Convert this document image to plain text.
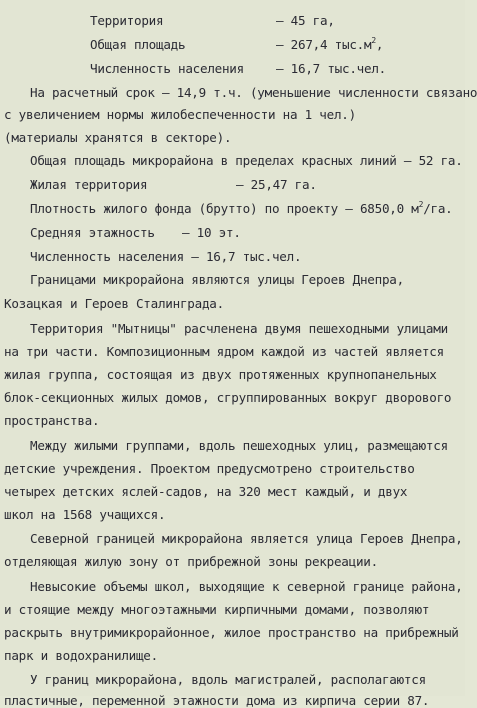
Территория	– 45 га,
Общая площадь	– 267,4 $тыс.м^2$,
Численность населения	– 16,7 тыс.чел.
На расчетный срок – 14,9 т.ч. (уменьшение численности связано
с увеличением нормы жилобеспеченности на 1 чел.)
(материалы хранятся в секторе).
Общая площадь микрорайона в пределах красных линий – 52 га.
Жилая территория	– 25,47 га.
Плотность жилого фонда (брутто) по проекту – 6850,0 $м^2/га$.
Средняя этажность – 10 эт.
Численность населения – 16,7 тыс.чел.
Границами микрорайона являются улицы Героев Днепра,
Козацкая и Героев Сталинграда.
Территория "Мытницы" расчленена двумя пешеходными улицами
на три части. Композиционным ядром каждой из частей является
жилая группа, состоящая из двух протяженных крупнопанельных
блок-секционных жилых домов, сгруппированных вокруг дворового
пространства.
Между жилыми группами, вдоль пешеходных улиц, размещаются
детские учреждения. Проектом предусмотрено строительство
четырех детских яслей-садов, на 320 мест каждый, и двух
школ на 1568 учащихся.
Северной границей микрорайона является улица Героев Днепра,
отделяющая жилую зону от прибрежной зоны рекреации.
Невысокие объемы школ, выходящие к северной границе района,
и стоящие между многоэтажными кирпичными домами, позволяют
раскрыть внутримикрорайонное, жилое пространство на прибрежный
парк и водохранилище.
У границ микрорайона, вдоль магистралей, располагаются
пластичные, переменной этажности дома из кирпича серии 87.
